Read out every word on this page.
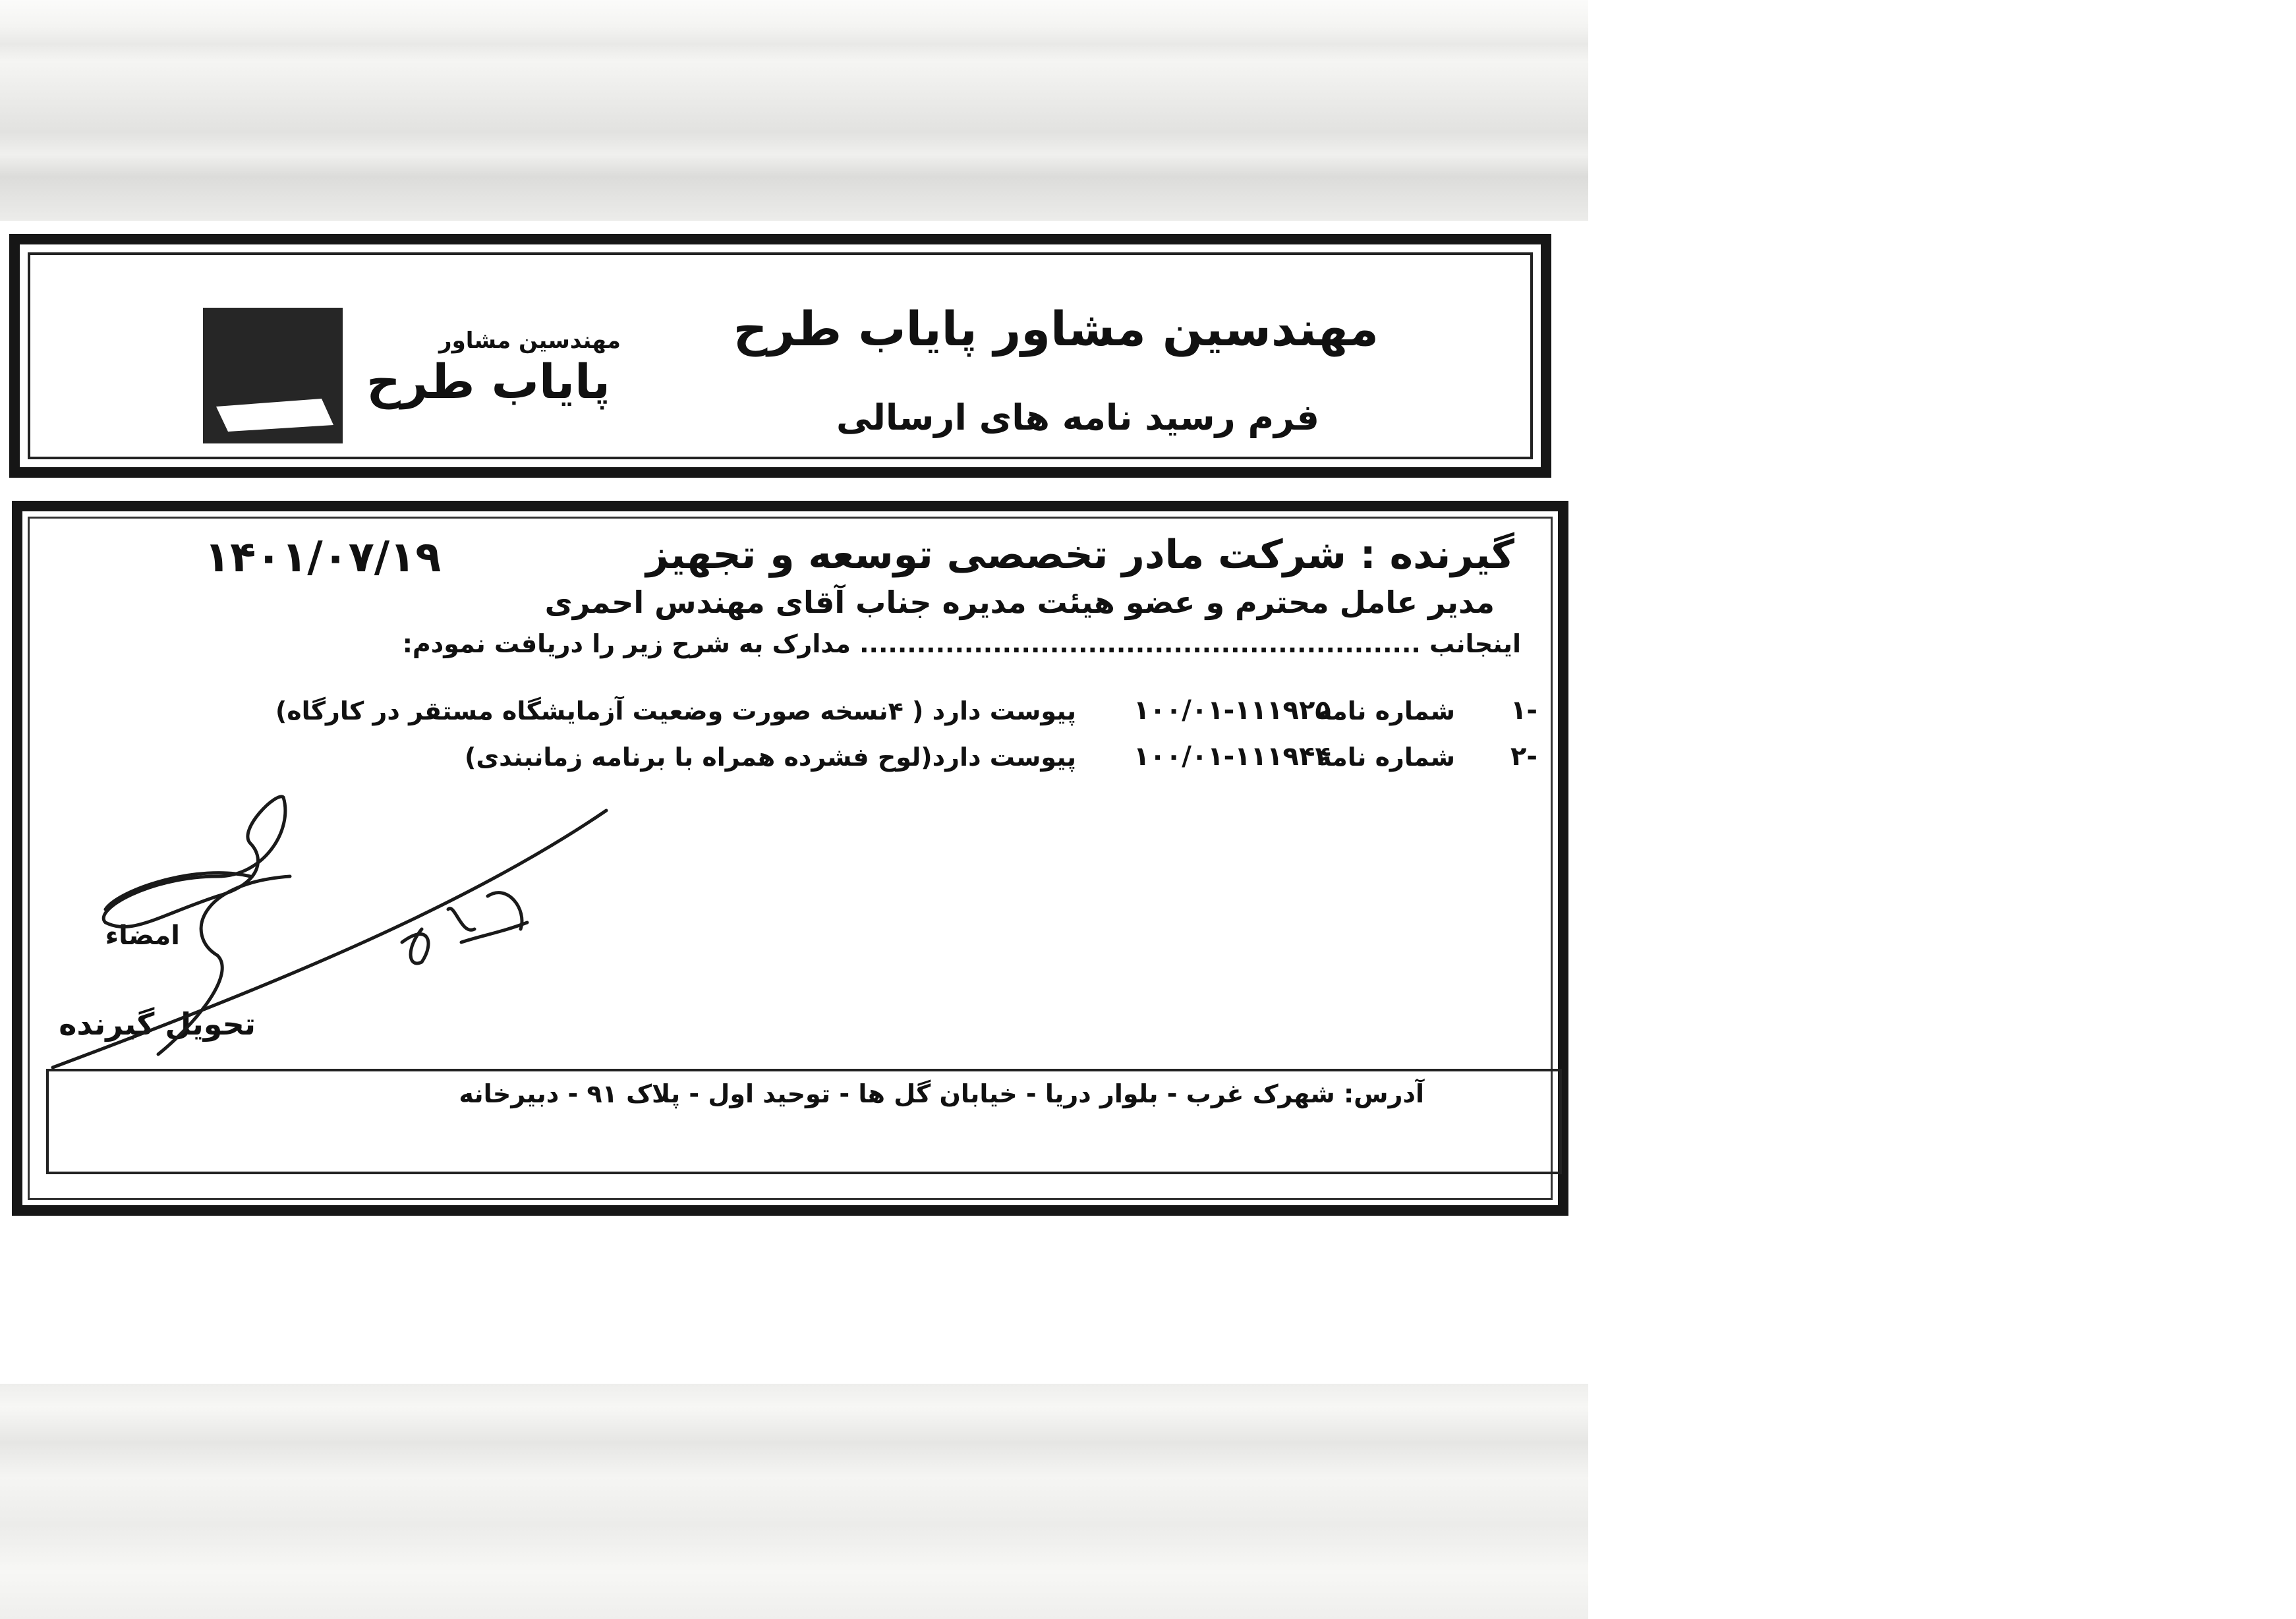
مهندسین مشاور پایاب طرح
فرم رسید نامه های ارسالی
مهندسین مشاور
پایاب طرح
گیرنده : شرکت مادر تخصصی توسعه و تجهیز
۱۴۰۱/۰۷/۱۹
مدیر عامل محترم و عضو هیئت مدیره جناب آقای مهندس احمری
اینجانب ........................................................... مدارک به شرح زیر را دریافت نمودم:
-۱
شماره نامه
۱۰۰/۰۱-۱۱۱۹۲۵
پیوست دارد ( ۴نسخه صورت وضعیت آزمایشگاه مستقر در کارگاه)
-۲
شماره نامه
۱۰۰/۰۱-۱۱۱۹۴۴
پیوست دارد(لوح فشرده همراه با برنامه زمانبندی)
امضاء
تحویل گیرنده
آدرس: شهرک غرب - بلوار دریا - خیابان گل ها - توحید اول - پلاک ۹۱ - دبیرخانه
